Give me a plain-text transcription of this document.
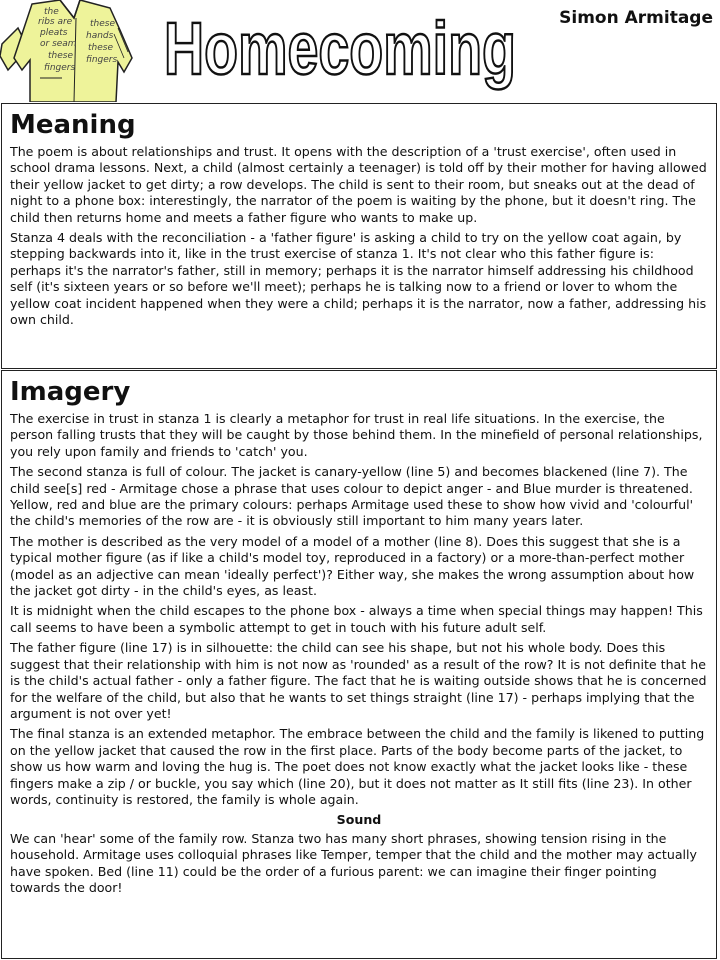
the
ribs are
pleats
or seam
these
fingers
these
hands
these
fingers Homecoming	Simon Armitage
Meaning

The poem is about relationships and trust. It opens with the description of a 'trust exercise', often used in school drama lessons. Next, a child (almost certainly a teenager) is told off by their mother for having allowed their yellow jacket to get dirty; a row develops. The child is sent to their room, but sneaks out at the dead of night to a phone box: interestingly, the narrator of the poem is waiting by the phone, but it doesn't ring. The child then returns home and meets a father figure who wants to make up.

Stanza 4 deals with the reconciliation - a 'father figure' is asking a child to try on the yellow coat again, by stepping backwards into it, like in the trust exercise of stanza 1. It's not clear who this father figure is: perhaps it's the narrator's father, still in memory; perhaps it is the narrator himself addressing his childhood self (it's sixteen years or so before we'll meet); perhaps he is talking now to a friend or lover to whom the yellow coat incident happened when they were a child; perhaps it is the narrator, now a father, addressing his own child.

Imagery

The exercise in trust in stanza 1 is clearly a metaphor for trust in real life situations. In the exercise, the person falling trusts that they will be caught by those behind them. In the minefield of personal relationships, you rely upon family and friends to 'catch' you.

The second stanza is full of colour. The jacket is canary-yellow (line 5) and becomes blackened (line 7). The child see[s] red - Armitage chose a phrase that uses colour to depict anger - and Blue murder is threatened. Yellow, red and blue are the primary colours: perhaps Armitage used these to show how vivid and 'colourful' the child's memories of the row are - it is obviously still important to him many years later.

The mother is described as the very model of a model of a mother (line 8). Does this suggest that she is a typical mother figure (as if like a child's model toy, reproduced in a factory) or a more-than-perfect mother (model as an adjective can mean 'ideally perfect')? Either way, she makes the wrong assumption about how the jacket got dirty - in the child's eyes, as least.

It is midnight when the child escapes to the phone box - always a time when special things may happen! This call seems to have been a symbolic attempt to get in touch with his future adult self.

The father figure (line 17) is in silhouette: the child can see his shape, but not his whole body. Does this suggest that their relationship with him is not now as 'rounded' as a result of the row? It is not definite that he is the child's actual father - only a father figure. The fact that he is waiting outside shows that he is concerned for the welfare of the child, but also that he wants to set things straight (line 17) - perhaps implying that the argument is not over yet!

The final stanza is an extended metaphor. The embrace between the child and the family is likened to putting on the yellow jacket that caused the row in the first place. Parts of the body become parts of the jacket, to show us how warm and loving the hug is. The poet does not know exactly what the jacket looks like - these fingers make a zip / or buckle, you say which (line 20), but it does not matter as It still fits (line 23). In other words, continuity is restored, the family is whole again.

Sound

We can 'hear' some of the family row. Stanza two has many short phrases, showing tension rising in the household. Armitage uses colloquial phrases like Temper, temper that the child and the mother may actually have spoken. Bed (line 11) could be the order of a furious parent: we can imagine their finger pointing towards the door!
